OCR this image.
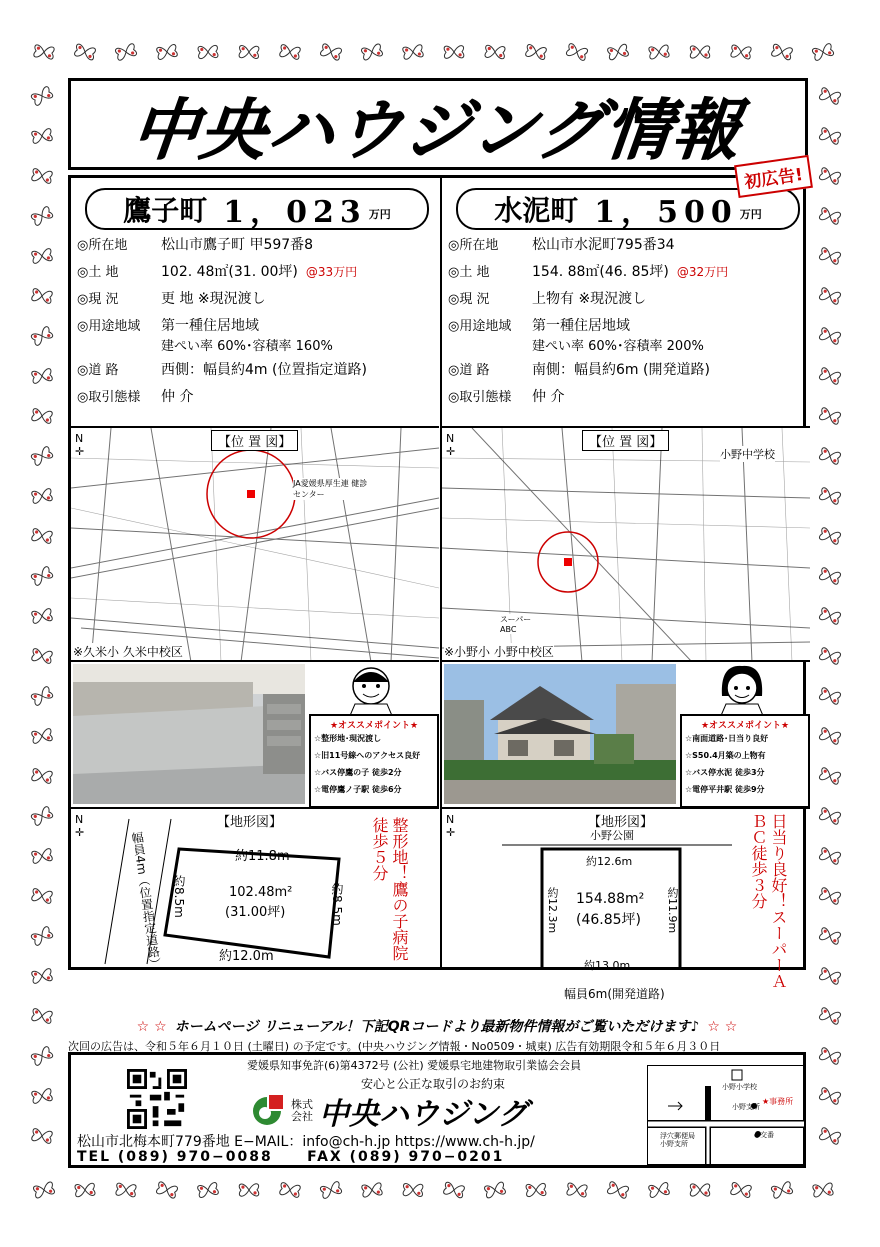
中央ハウジング情報
初広告!
鷹子町 1，023 万円
◎所在地	松山市鷹子町 甲597番8
◎土 地	102. 48㎡(31. 00坪) @33万円
◎現 況	更 地 ※現況渡し
◎用途地域	第一種住居地域
建ぺい率 60%･容積率 160%
◎道 路	西側：幅員約4m (位置指定道路)
◎取引態様	仲 介
N
✛
【位 置 図】
JA愛媛県厚生連 健診センター
※久米小 久米中校区
★オススメポイント★
☆整形地･現況渡し
☆旧11号線へのアクセス良好
☆バス停鷹の子 徒歩2分
☆電停鷹ノ子駅 徒歩6分
【地形図】
N
✛
約11.8m
約12.0m
約8.5m	約8.5m
102.48m²
(31.00坪)
幅員4m（位置指定道路）	整形地！鷹の子病院徒歩５分
水泥町 1，500 万円
◎所在地	松山市水泥町795番34
◎土 地	154. 88㎡(46. 85坪) @32万円
◎現 況	上物有 ※現況渡し
◎用途地域	第一種住居地域
建ぺい率 60%･容積率 200%
◎道 路	南側：幅員約6m (開発道路)
◎取引態様	仲 介
N
✛
【位 置 図】
小野中学校
スーパー ABC
※小野小 小野中校区
★オススメポイント★
☆南面道路･日当り良好
☆S50.4月築の上物有
☆バス停水泥 徒歩3分
☆電停平井駅 徒歩9分
【地形図】
N
✛	小野公園
約12.6m
約13.0m
約12.3m	約11.9m
154.88m²
(46.85坪)
幅員6m(開発道路)
日当り良好！スーパーＡＢＣ徒歩３分
☆ ☆ ホームページ リニューアル！下記QRコードより最新物件情報がご覧いただけます♪ ☆ ☆
次回の広告は、令和５年６月１０日 (土曜日) の予定です。(中央ハウジング情報・No0509・城東) 広告有効期限令和５年６月３０日
愛媛県知事免許(6)第4372号 (公社) 愛媛県宅地建物取引業協会会員
安心と公正な取引のお約束
株式
会社 中央ハウジング
松山市北梅本町779番地 E−MAIL：info@ch-h.jp https://www.ch-h.jp/
TEL (089) 970−0088 FAX (089) 970−0201
小野小学校
小野支所
★事務所
●交番
浮穴郵便局 小野支所
